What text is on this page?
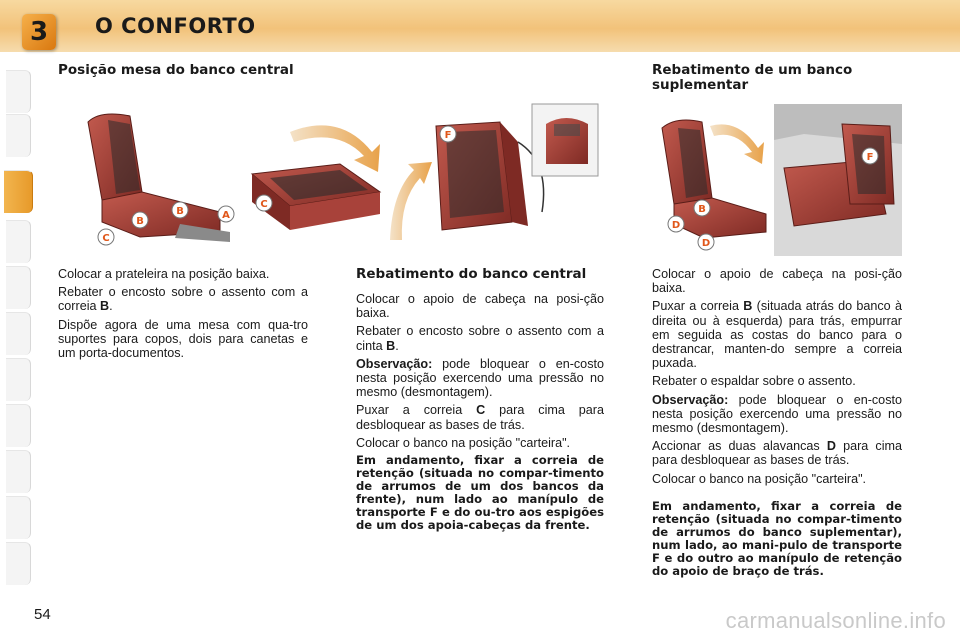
3	O CONFORTO
Posição mesa do banco central	Rebatimento de um banco suplementar
B
B	A
C
C
F
B
D
D
F

Colocar a prateleira na posição baixa.

Rebater o encosto sobre o assento com a correia B.

Dispõe agora de uma mesa com qua-tro suportes para copos, dois para canetas e um porta-documentos.

Rebatimento do banco central

Colocar o apoio de cabeça na posi-ção baixa.

Rebater o encosto sobre o assento com a cinta B.

Observação: pode bloquear o en-costo nesta posição exercendo uma pressão no mesmo (desmontagem).

Puxar a correia C para cima para desbloquear as bases de trás.

Colocar o banco na posição "carteira".

Em andamento, fixar a correia de retenção (situada no compar-timento de arrumos de um dos bancos da frente), num lado ao manípulo de transporte F e do ou-tro aos espigões de um dos apoia-cabeças da frente.

Colocar o apoio de cabeça na posi-ção baixa.

Puxar a correia B (situada atrás do banco à direita ou à esquerda) para trás, empurrar em seguida as costas do banco para o destrancar, manten-do sempre a correia puxada.

Rebater o espaldar sobre o assento.

Observação: pode bloquear o en-costo nesta posição exercendo uma pressão no mesmo (desmontagem).

Accionar as duas alavancas D para cima para desbloquear as bases de trás.

Colocar o banco na posição "carteira".

Em andamento, fixar a correia de retenção (situada no compar-timento de arrumos do banco suplementar), num lado, ao mani-pulo de transporte F e do outro ao manípulo de retenção do apoio de braço de trás.

54	carmanualsonline.info
